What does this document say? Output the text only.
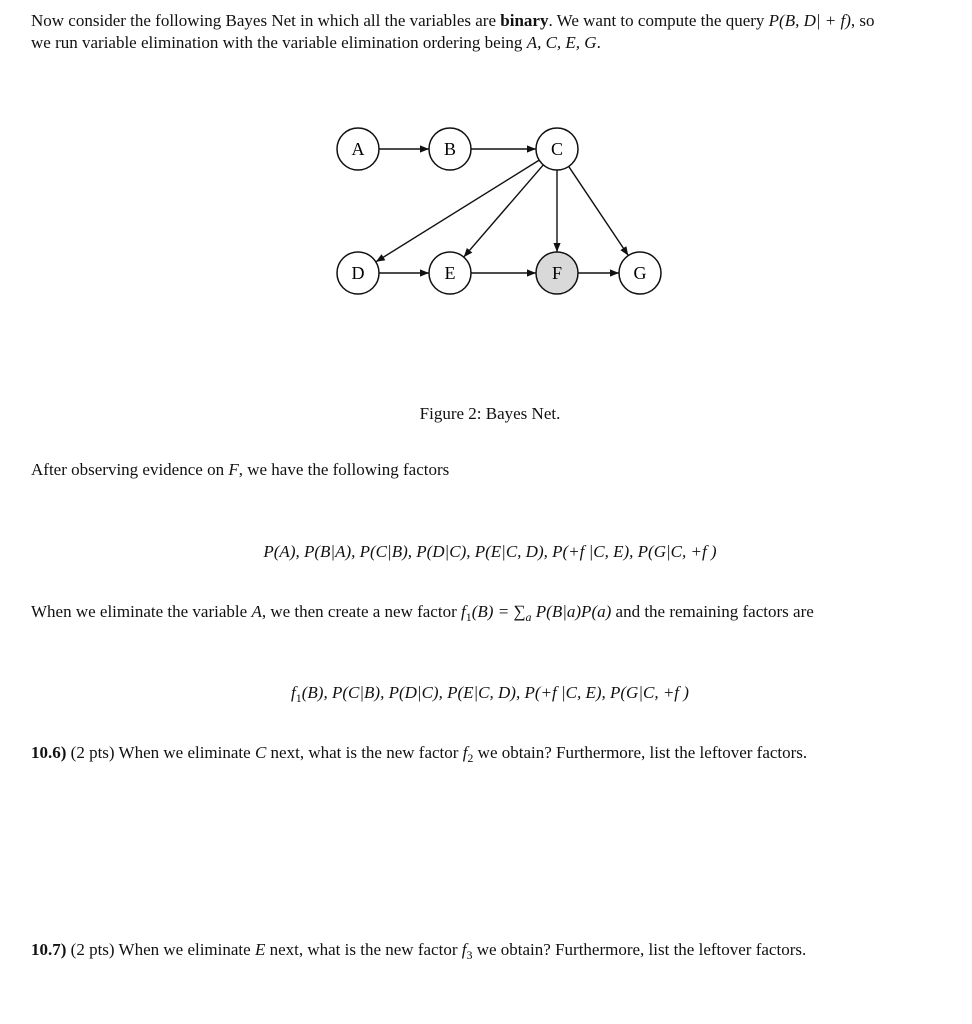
Now consider the following Bayes Net in which all the variables are binary. We want to compute the query P(B, D| + f), so
we run variable elimination with the variable elimination ordering being A, C, E, G.
A	B	C
D	E	F	G
Figure 2: Bayes Net.
After observing evidence on F, we have the following factors
P(A), P(B|A), P(C|B), P(D|C), P(E|C, D), P(+f |C, E), P(G|C, +f )
When we eliminate the variable A, we then create a new factor $f_1(B) = \sum_a$ P(B|a)P(a) and the remaining factors are
$f_1(B)$, P(C|B), P(D|C), P(E|C, D), P(+f |C, E), P(G|C, +f )
10.6) (2 pts) When we eliminate C next, what is the new factor $f_2$ we obtain? Furthermore, list the leftover factors.
10.7) (2 pts) When we eliminate E next, what is the new factor $f_3$ we obtain? Furthermore, list the leftover factors.
